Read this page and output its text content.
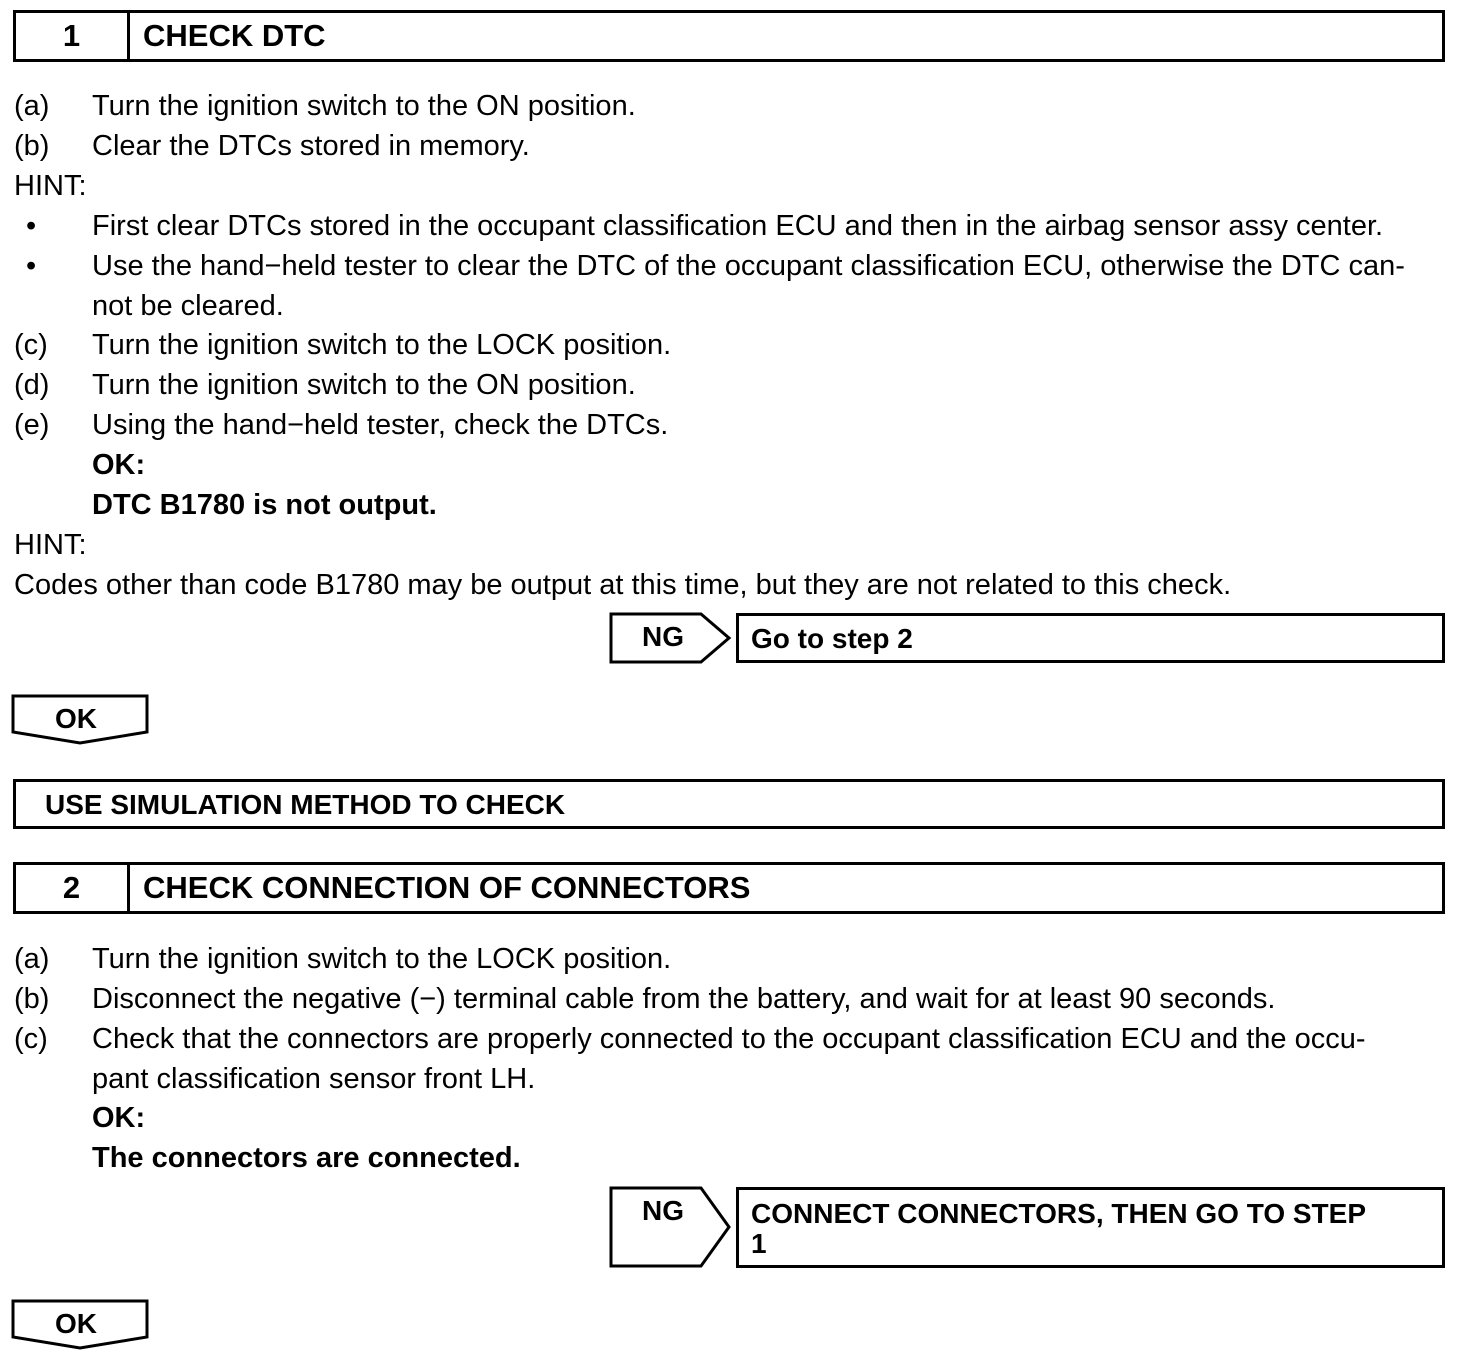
1	CHECK DTC
(a) Turn the ignition switch to the ON position.
(b) Clear the DTCs stored in memory.
HINT:
• First clear DTCs stored in the occupant classification ECU and then in the airbag sensor assy center.
• Use the hand−held tester to clear the DTC of the occupant classification ECU, otherwise the DTC can-
not be cleared.
(c) Turn the ignition switch to the LOCK position.
(d) Turn the ignition switch to the ON position.
(e) Using the hand−held tester, check the DTCs.
OK:
DTC B1780 is not output.
HINT:
Codes other than code B1780 may be output at this time, but they are not related to this check.
NG Go to step 2
OK
USE SIMULATION METHOD TO CHECK
2	CHECK CONNECTION OF CONNECTORS
(a) Turn the ignition switch to the LOCK position.
(b) Disconnect the negative (−) terminal cable from the battery, and wait for at least 90 seconds.
(c) Check that the connectors are properly connected to the occupant classification ECU and the occu-
pant classification sensor front LH.
OK:
The connectors are connected.
NG CONNECT CONNECTORS, THEN GO TO STEP
1
OK
